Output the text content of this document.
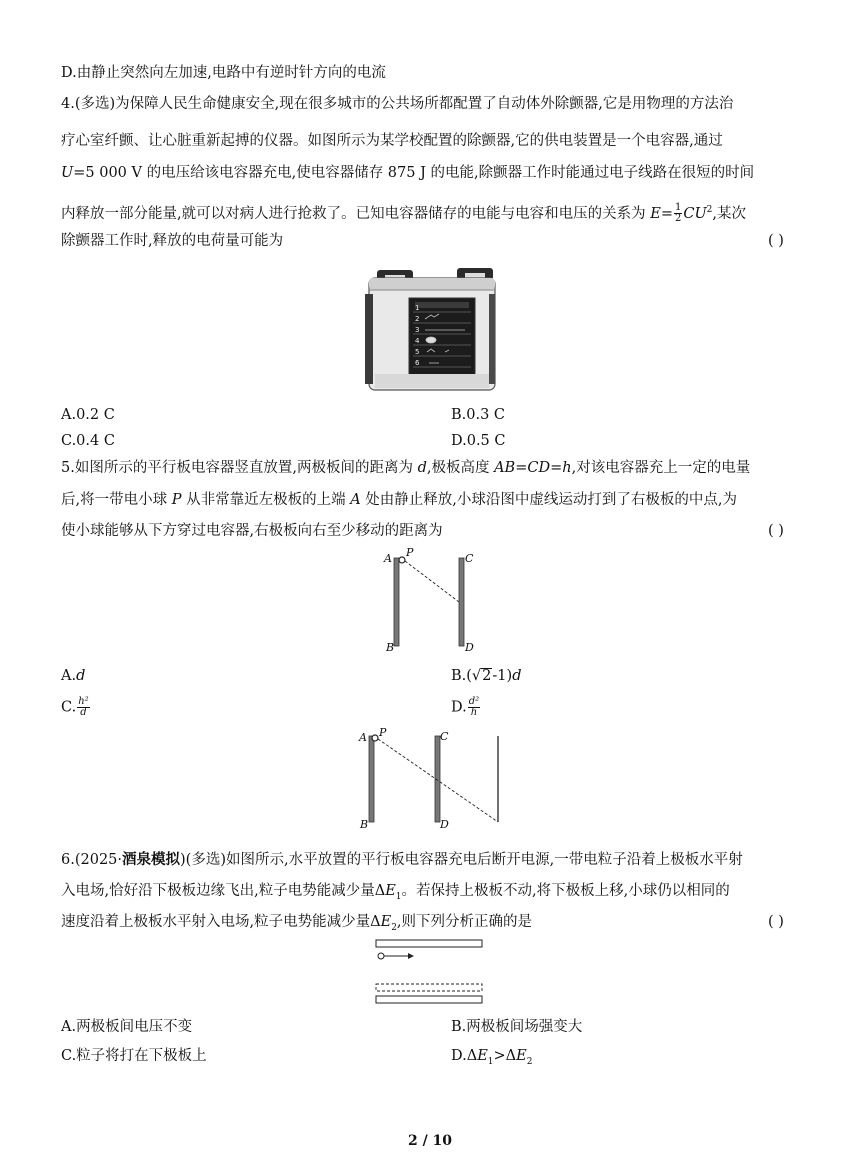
D.由静止突然向左加速,电路中有逆时针方向的电流
4.(多选)为保障人民生命健康安全,现在很多城市的公共场所都配置了自动体外除颤器,它是用物理的方法治
疗心室纤颤、让心脏重新起搏的仪器。如图所示为某学校配置的除颤器,它的供电装置是一个电容器,通过
U=5 000 V 的电压给该电容器充电,使电容器储存 875 J 的电能,除颤器工作时能通过电子线路在很短的时间
内释放一部分能量,就可以对病人进行抢救了。已知电容器储存的电能与电容和电压的关系为 $E= \frac{1}{2} CU^2$,某次
除颤器工作时,释放的电荷量可能为	( )
1
2
3
4
5
6
A.0.2 C	B.0.3 C
C.0.4 C	D.0.5 C
5.如图所示的平行板电容器竖直放置,两极板间的距离为 d,极板高度 AB=CD=h,对该电容器充上一定的电量
后,将一带电小球 P 从非常靠近左极板的上端 A 处由静止释放,小球沿图中虚线运动打到了右极板的中点,为
使小球能够从下方穿过电容器,右极板向右至少移动的距离为	( )
A P
B
C
D
A.d	B.(√2-1)d
C. $\frac{\text{h²}}{d}$	D. $\frac{\text{d²}}{h}$
A P
B
C
D
6.(2025·酒泉模拟)(多选)如图所示,水平放置的平行板电容器充电后断开电源,一带电粒子沿着上极板水平射
入电场,恰好沿下极板边缘飞出,粒子电势能减少量$\Delta E_1$。若保持上极板不动,将下极板上移,小球仍以相同的
速度沿着上极板水平射入电场,粒子电势能减少量$\Delta E_2$,则下列分析正确的是	( )
A.两极板间电压不变	B.两极板间场强变大
C.粒子将打在下极板上	$D.\Delta E_1>\Delta E_2$
2 / 10
